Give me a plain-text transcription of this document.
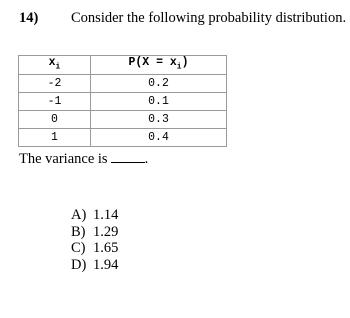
14) Consider the following probability distribution.
$x_i$	$P(X = x_i)$
-2	0.2
-1	0.1
0	0.3
1	0.4
The variance is	.
A) 1.14
B) 1.29
C) 1.65
D) 1.94
